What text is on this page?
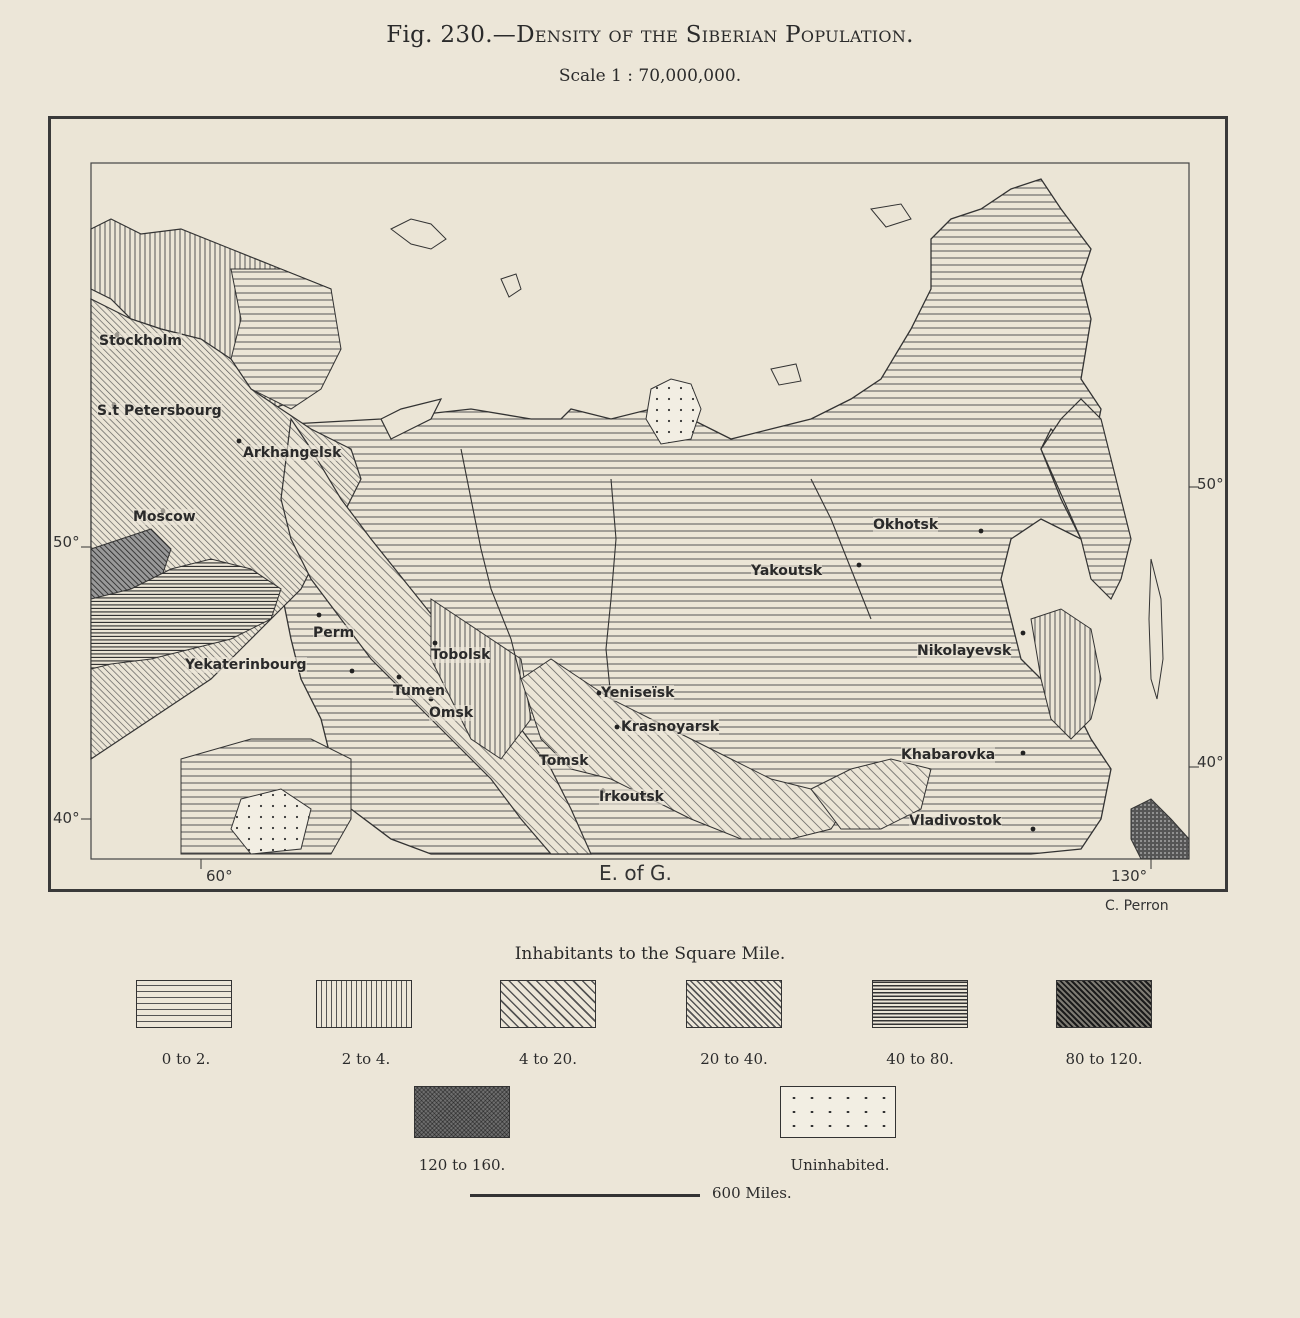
Fig. 230.—Density of the Siberian Population.
Scale 1 : 70,000,000.
Stockholm
S.t Petersbourg
Arkhangelsk
Moscow
Perm
Yekaterinbourg
Tobolsk
Tumen
Omsk
Yeniseïsk
Krasnoyarsk
Tomsk
Irkoutsk
Yakoutsk
Okhotsk
Nikolayevsk
Khabarovka
Vladivostok
50°
40°
50°
40°
60°	130°
E. of G.
C. Perron
Inhabitants to the Square Mile.
0 to 2.	2 to 4.	4 to 20.	20 to 40.	40 to 80.	80 to 120.
120 to 160.	Uninhabited.
600 Miles.
